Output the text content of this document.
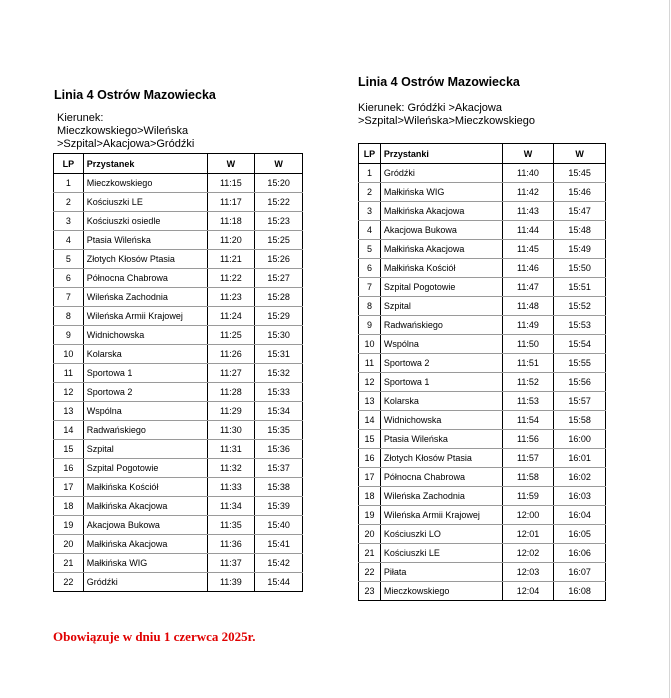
Linia 4 Ostrów Mazowiecka

Kierunek: Mieczkowskiego>Wileńska
>Szpital>Akacjowa>Gródźki

LP	Przystanek	W	W
1	Mieczkowskiego	11:15	15:20
2	Kościuszki LE	11:17	15:22
3	Kościuszki osiedle	11:18	15:23
4	Ptasia Wileńska	11:20	15:25
5	Złotych Kłosów Ptasia	11:21	15:26
6	Północna Chabrowa	11:22	15:27
7	Wileńska Zachodnia	11:23	15:28
8	Wileńska Armii Krajowej	11:24	15:29
9	Widnichowska	11:25	15:30
10	Kolarska	11:26	15:31
11	Sportowa 1	11:27	15:32
12	Sportowa 2	11:28	15:33
13	Wspólna	11:29	15:34
14	Radwańskiego	11:30	15:35
15	Szpital	11:31	15:36
16	Szpital Pogotowie	11:32	15:37
17	Małkińska Kościół	11:33	15:38
18	Małkińska Akacjowa	11:34	15:39
19	Akacjowa Bukowa	11:35	15:40
20	Małkińska Akacjowa	11:36	15:41
21	Małkińska WIG	11:37	15:42
22	Gródźki	11:39	15:44

Linia 4 Ostrów Mazowiecka

Kierunek: Gródźki >Akacjowa
>Szpital>Wileńska>Mieczkowskiego

LP	Przystanki	W	W
1	Gródźki	11:40	15:45
2	Małkińska WIG	11:42	15:46
3	Małkińska Akacjowa	11:43	15:47
4	Akacjowa Bukowa	11:44	15:48
5	Małkińska Akacjowa	11:45	15:49
6	Małkińska Kościół	11:46	15:50
7	Szpital Pogotowie	11:47	15:51
8	Szpital	11:48	15:52
9	Radwańskiego	11:49	15:53
10	Wspólna	11:50	15:54
11	Sportowa 2	11:51	15:55
12	Sportowa 1	11:52	15:56
13	Kolarska	11:53	15:57
14	Widnichowska	11:54	15:58
15	Ptasia Wileńska	11:56	16:00
16	Złotych Kłosów Ptasia	11:57	16:01
17	Północna Chabrowa	11:58	16:02
18	Wileńska Zachodnia	11:59	16:03
19	Wileńska Armii Krajowej	12:00	16:04
20	Kościuszki LO	12:01	16:05
21	Kościuszki LE	12:02	16:06
22	Piłata	12:03	16:07
23	Mieczkowskiego	12:04	16:08

Obowiązuje w dniu 1 czerwca 2025r.
